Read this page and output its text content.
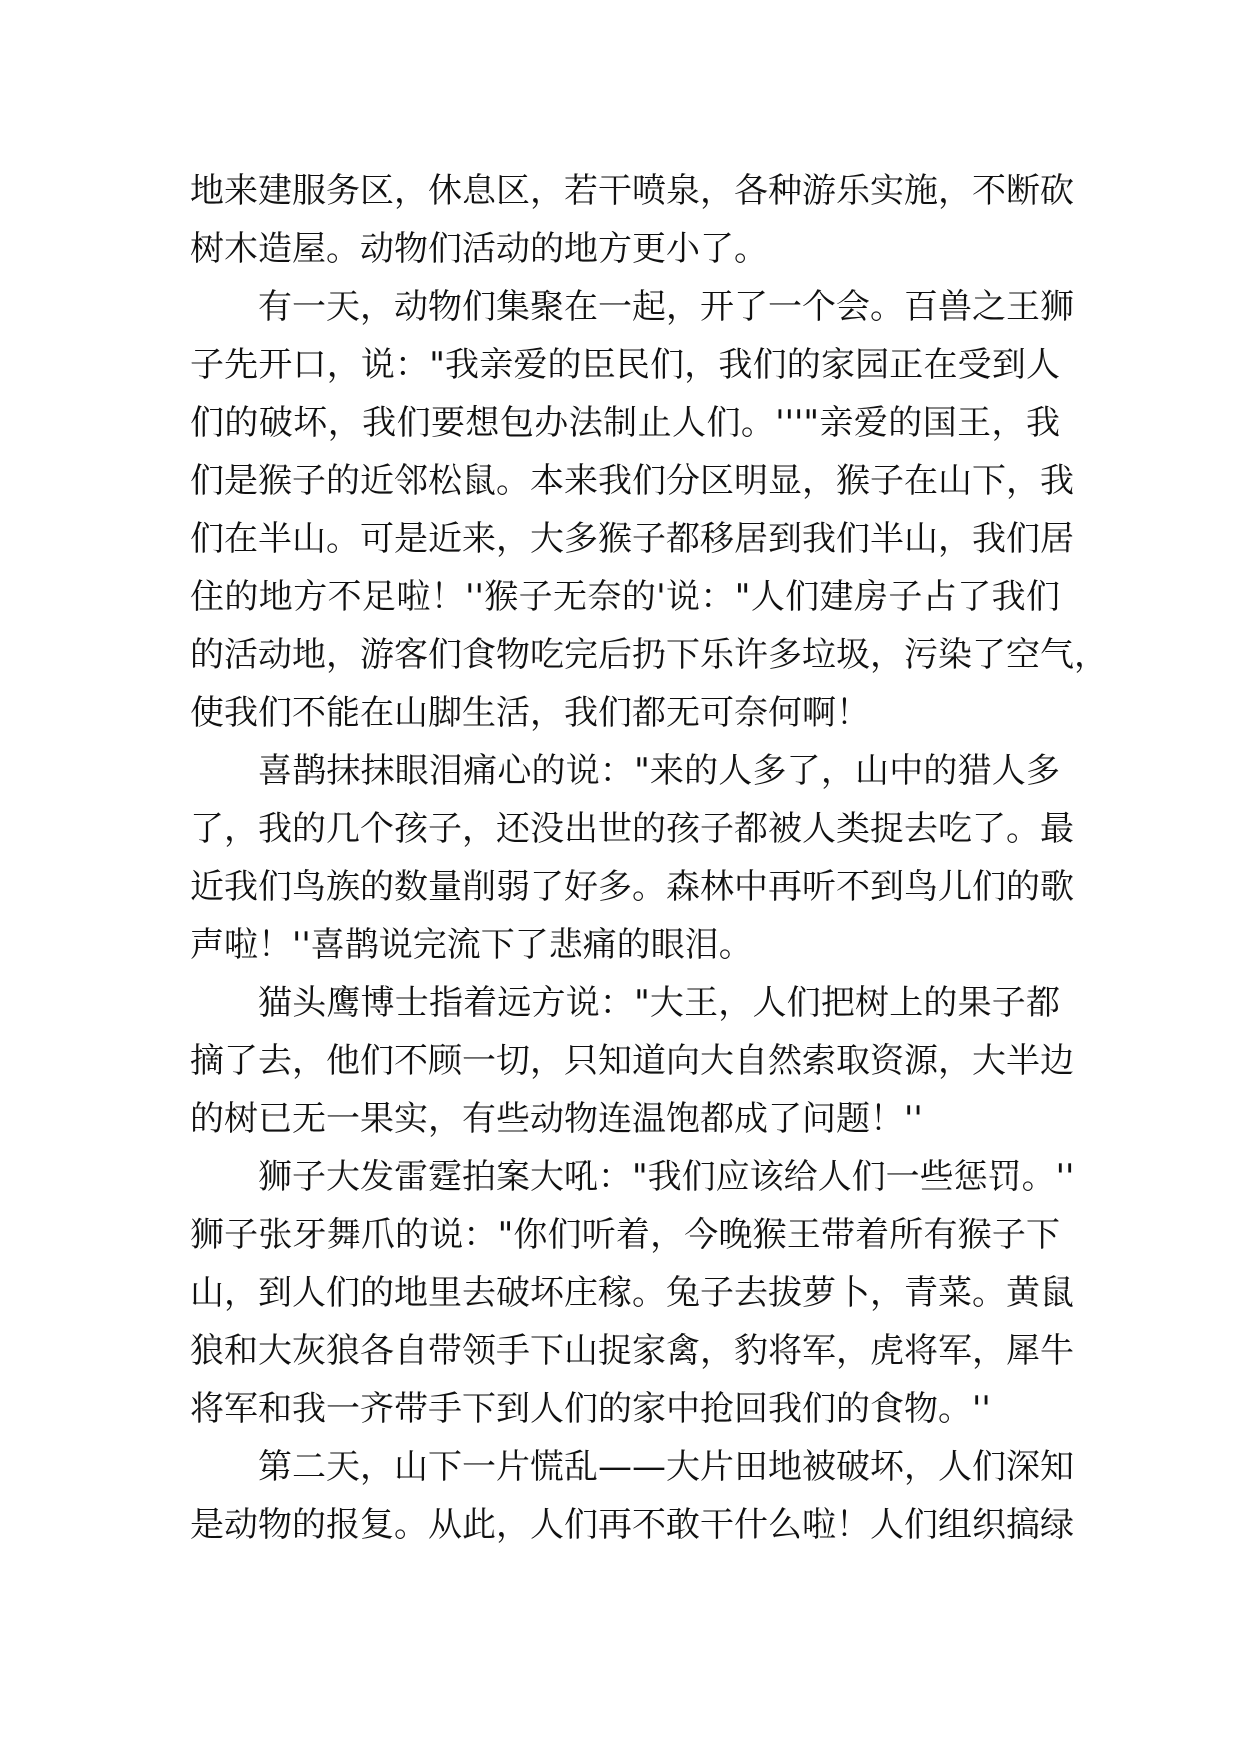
地来建服务区，休息区，若干喷泉，各种游乐实施，不断砍
树木造屋。动物们活动的地方更小了。

有一天，动物们集聚在一起，开了一个会。百兽之王狮
子先开口，说："我亲爱的臣民们，我们的家园正在受到人
们的破坏，我们要想包办法制止人们。'''"亲爱的国王，我
们是猴子的近邻松鼠。本来我们分区明显，猴子在山下，我
们在半山。可是近来，大多猴子都移居到我们半山，我们居
住的地方不足啦！''猴子无奈的'说："人们建房子占了我们
的活动地，游客们食物吃完后扔下乐许多垃圾，污染了空气，
使我们不能在山脚生活，我们都无可奈何啊！

喜鹊抹抹眼泪痛心的说："来的人多了，山中的猎人多
了，我的几个孩子，还没出世的孩子都被人类捉去吃了。最
近我们鸟族的数量削弱了好多。森林中再听不到鸟儿们的歌
声啦！''喜鹊说完流下了悲痛的眼泪。

猫头鹰博士指着远方说："大王，人们把树上的果子都
摘了去，他们不顾一切，只知道向大自然索取资源，大半边
的树已无一果实，有些动物连温饱都成了问题！''

狮子大发雷霆拍案大吼："我们应该给人们一些惩罚。''
狮子张牙舞爪的说："你们听着，今晚猴王带着所有猴子下
山，到人们的地里去破坏庄稼。兔子去拔萝卜，青菜。黄鼠
狼和大灰狼各自带领手下山捉家禽，豹将军，虎将军，犀牛
将军和我一齐带手下到人们的家中抢回我们的食物。''

第二天，山下一片慌乱——大片田地被破坏，人们深知
是动物的报复。从此，人们再不敢干什么啦！人们组织搞绿
